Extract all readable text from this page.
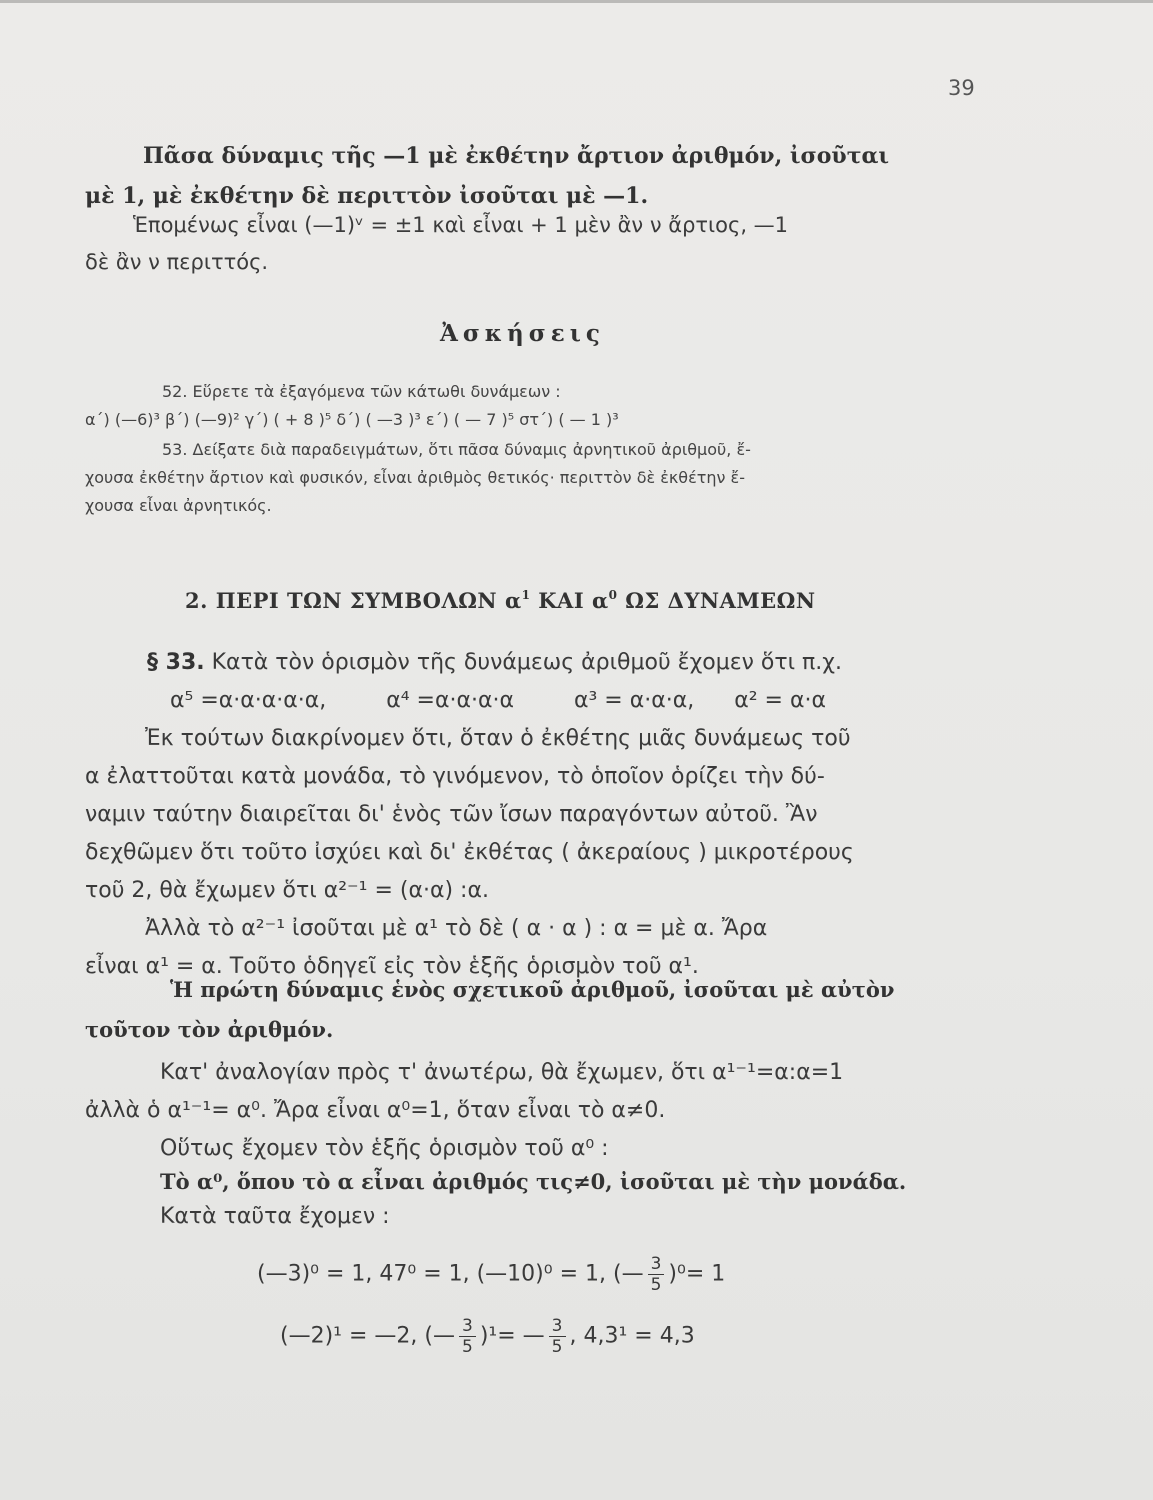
39
Πᾶσα δύναμις τῆς —1 μὲ ἐκθέτην ἄρτιον ἀριθμόν, ἰσοῦται
μὲ 1, μὲ ἐκθέτην δὲ περιττὸν ἰσοῦται μὲ —1.
Ἑπομένως εἶναι (—1)ᵛ = ±1 καὶ εἶναι + 1 μὲν ἂν ν ἄρτιος, —1
δὲ ἂν ν περιττός.
Ἀσκήσεις
52. Εὕρετε τὰ ἐξαγόμενα τῶν κάτωθι δυνάμεων :
α΄) (—6)³ β΄) (—9)² γ΄) ( + 8 )⁵ δ΄) ( —3 )³ ε΄) ( — 7 )⁵ στ΄) ( — 1 )³
53. Δείξατε διὰ παραδειγμάτων, ὅτι πᾶσα δύναμις ἀρνητικοῦ ἀριθμοῦ, ἔ-
χουσα ἐκθέτην ἄρτιον καὶ φυσικόν, εἶναι ἀριθμὸς θετικός· περιττὸν δὲ ἐκθέτην ἔ-
χουσα εἶναι ἀρνητικός.
2. ΠΕΡΙ ΤΩΝ ΣΥΜΒΟΛΩΝ $\alpha^1$ ΚΑΙ $\alpha^0$ ΩΣ ΔΥΝΑΜΕΩΝ
§ 33. Κατὰ τὸν ὁρισμὸν τῆς δυνάμεως ἀριθμοῦ ἔχομεν ὅτι π.χ.
α⁵ =α·α·α·α·α,	α⁴ =α·α·α·α	α³ = α·α·α, α² = α·α
Ἐκ τούτων διακρίνομεν ὅτι, ὅταν ὁ ἐκθέτης μιᾶς δυνάμεως τοῦ
α ἐλαττοῦται κατὰ μονάδα, τὸ γινόμενον, τὸ ὁποῖον ὁρίζει τὴν δύ-
ναμιν ταύτην διαιρεῖται δι' ἑνὸς τῶν ἴσων παραγόντων αὐτοῦ. Ἂν
δεχθῶμεν ὅτι τοῦτο ἰσχύει καὶ δι' ἐκθέτας ( ἀκεραίους ) μικροτέρους
τοῦ 2, θὰ ἔχωμεν ὅτι α²⁻¹ = (α·α) :α.
Ἀλλὰ τὸ α²⁻¹ ἰσοῦται μὲ α¹ τὸ δὲ ( α · α ) : α = μὲ α. Ἄρα
εἶναι α¹ = α. Τοῦτο ὁδηγεῖ εἰς τὸν ἑξῆς ὁρισμὸν τοῦ α¹.
Ἡ πρώτη δύναμις ἑνὸς σχετικοῦ ἀριθμοῦ, ἰσοῦται μὲ αὐτὸν
τοῦτον τὸν ἀριθμόν.
Κατ' ἀναλογίαν πρὸς τ' ἀνωτέρω, θὰ ἔχωμεν, ὅτι α¹⁻¹=α:α=1
ἀλλὰ ὁ α¹⁻¹= α⁰. Ἄρα εἶναι α⁰=1, ὅταν εἶναι τὸ α≠0.
Οὕτως ἔχομεν τὸν ἑξῆς ὁρισμὸν τοῦ α⁰ :
Τὸ α⁰, ὅπου τὸ α εἶναι ἀριθμός τις≠0, ἰσοῦται μὲ τὴν μονάδα.
Κατὰ ταῦτα ἔχομεν :
(—3)⁰ = 1, 47⁰ = 1, (—10)⁰ = 1, (— $\frac{3}{5} )^0= 1$
(—2)¹ = —2, (— $\frac{3}{5} )^1=$ — $\frac{3}{5}$ , 4,3¹ = 4,3
